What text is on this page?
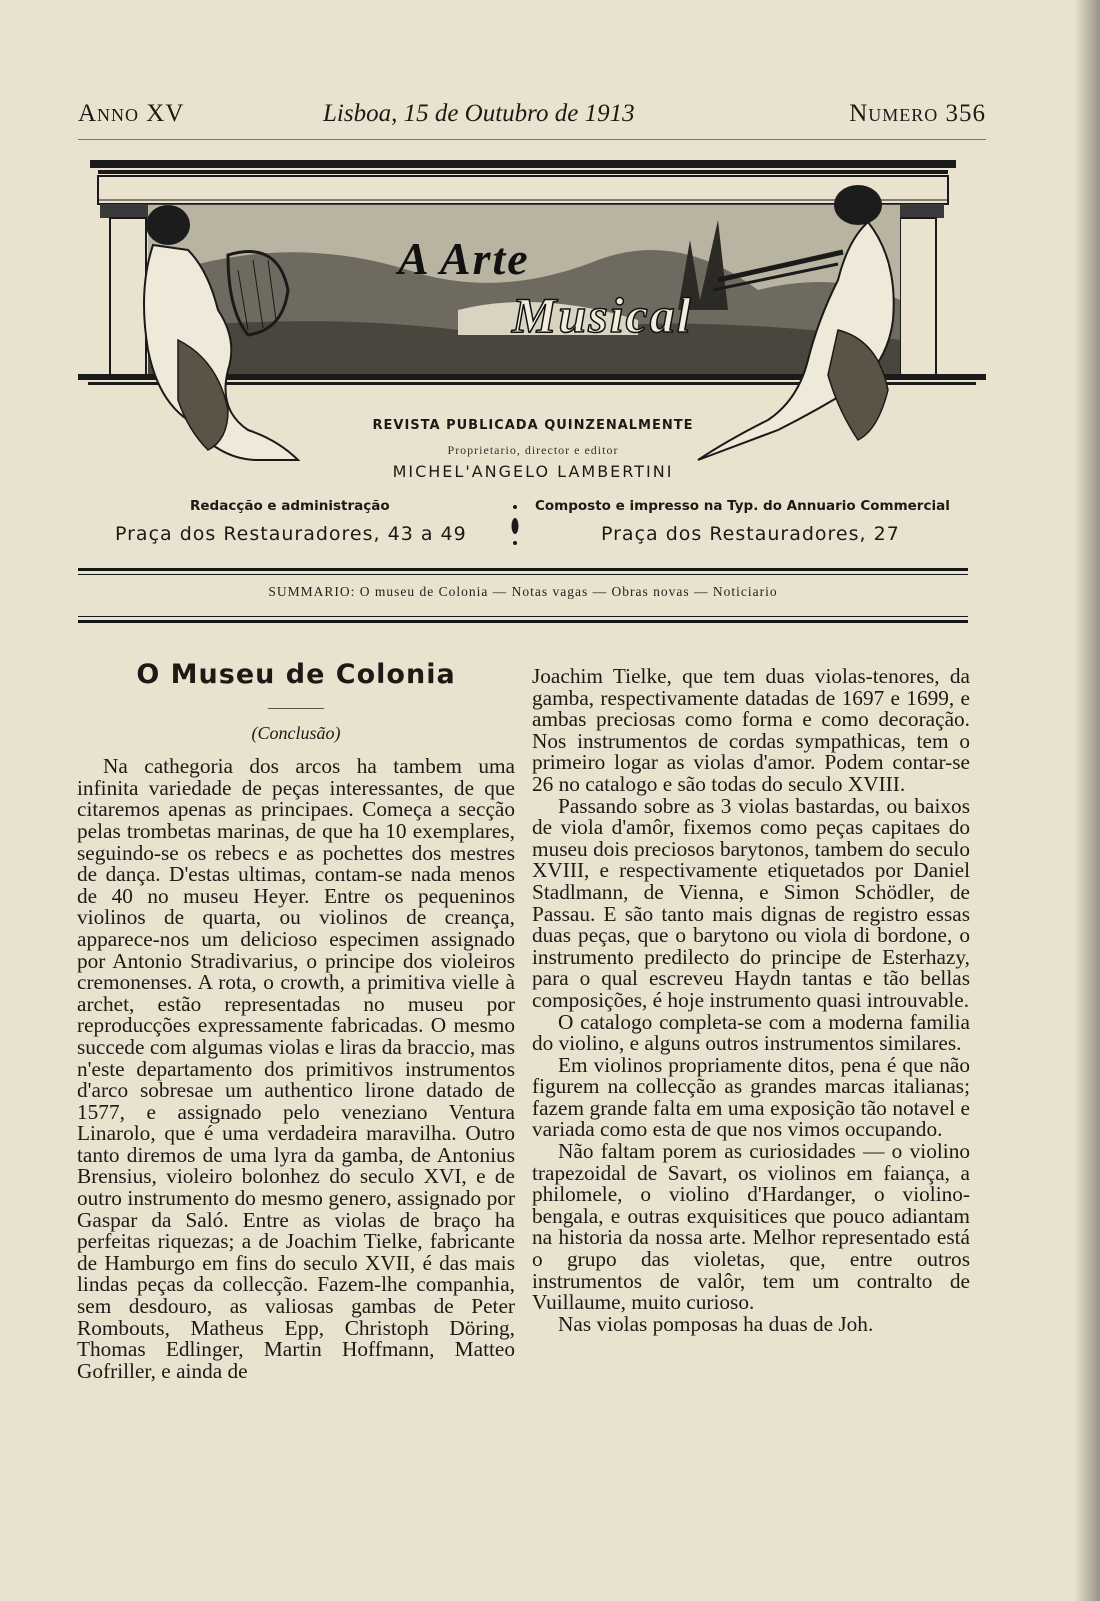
Anno XV	Lisboa, 15 de Outubro de 1913	Numero 356
A Arte
Musical
REVISTA PUBLICADA QUINZENALMENTE
Proprietario, director e editor
MICHEL'ANGELO LAMBERTINI
Redacção e administração
Praça dos Restauradores, 43 a 49
Composto e impresso na Typ. do Annuario Commercial
Praça dos Restauradores, 27
SUMMARIO: O museu de Colonia — Notas vagas — Obras novas — Noticiario
O Museu de Colonia
(Conclusão)

Na cathegoria dos arcos ha tambem uma infinita variedade de peças interessantes, de que citaremos apenas as principaes. Começa a secção pelas trombetas marinas, de que ha 10 exemplares, seguindo-se os rebecs e as pochettes dos mestres de dança. D'estas ultimas, contam-se nada menos de 40 no museu Heyer. Entre os pequeninos violinos de quarta, ou violinos de creança, apparece-nos um delicioso especimen assignado por Antonio Stradivarius, o principe dos violeiros cremonenses. A rota, o crowth, a primitiva vielle à archet, estão representadas no museu por reproducções expressamente fabricadas. O mesmo succede com algumas violas e liras da braccio, mas n'este departamento dos primitivos instrumentos d'arco sobresae um authentico lirone datado de 1577, e assignado pelo veneziano Ventura Linarolo, que é uma verdadeira maravilha. Outro tanto diremos de uma lyra da gamba, de Antonius Brensius, violeiro bolonhez do seculo XVI, e de outro instrumento do mesmo genero, assignado por Gaspar da Saló. Entre as violas de braço ha perfeitas riquezas; a de Joachim Tielke, fabricante de Hamburgo em fins do seculo XVII, é das mais lindas peças da collecção. Fazem-lhe companhia, sem desdouro, as valiosas gambas de Peter Rombouts, Matheus Epp, Christoph Döring, Thomas Edlinger, Martin Hoffmann, Matteo Gofriller, e ainda de

Joachim Tielke, que tem duas violas-tenores, da gamba, respectivamente datadas de 1697 e 1699, e ambas preciosas como forma e como decoração. Nos instrumentos de cordas sympathicas, tem o primeiro logar as violas d'amor. Podem contar-se 26 no catalogo e são todas do seculo XVIII.

Passando sobre as 3 violas bastardas, ou baixos de viola d'amôr, fixemos como peças capitaes do museu dois preciosos barytonos, tambem do seculo XVIII, e respectivamente etiquetados por Daniel Stadlmann, de Vienna, e Simon Schödler, de Passau. E são tanto mais dignas de registro essas duas peças, que o barytono ou viola di bordone, o instrumento predilecto do principe de Esterhazy, para o qual escreveu Haydn tantas e tão bellas composições, é hoje instrumento quasi introuvable.

O catalogo completa-se com a moderna familia do violino, e alguns outros instrumentos similares.

Em violinos propriamente ditos, pena é que não figurem na collecção as grandes marcas italianas; fazem grande falta em uma exposição tão notavel e variada como esta de que nos vimos occupando.

Não faltam porem as curiosidades — o violino trapezoidal de Savart, os violinos em faiança, a philomele, o violino d'Hardanger, o violino-bengala, e outras exquisitices que pouco adiantam na historia da nossa arte. Melhor representado está o grupo das violetas, que, entre outros instrumentos de valôr, tem um contralto de Vuillaume, muito curioso.

Nas violas pomposas ha duas de Joh.
